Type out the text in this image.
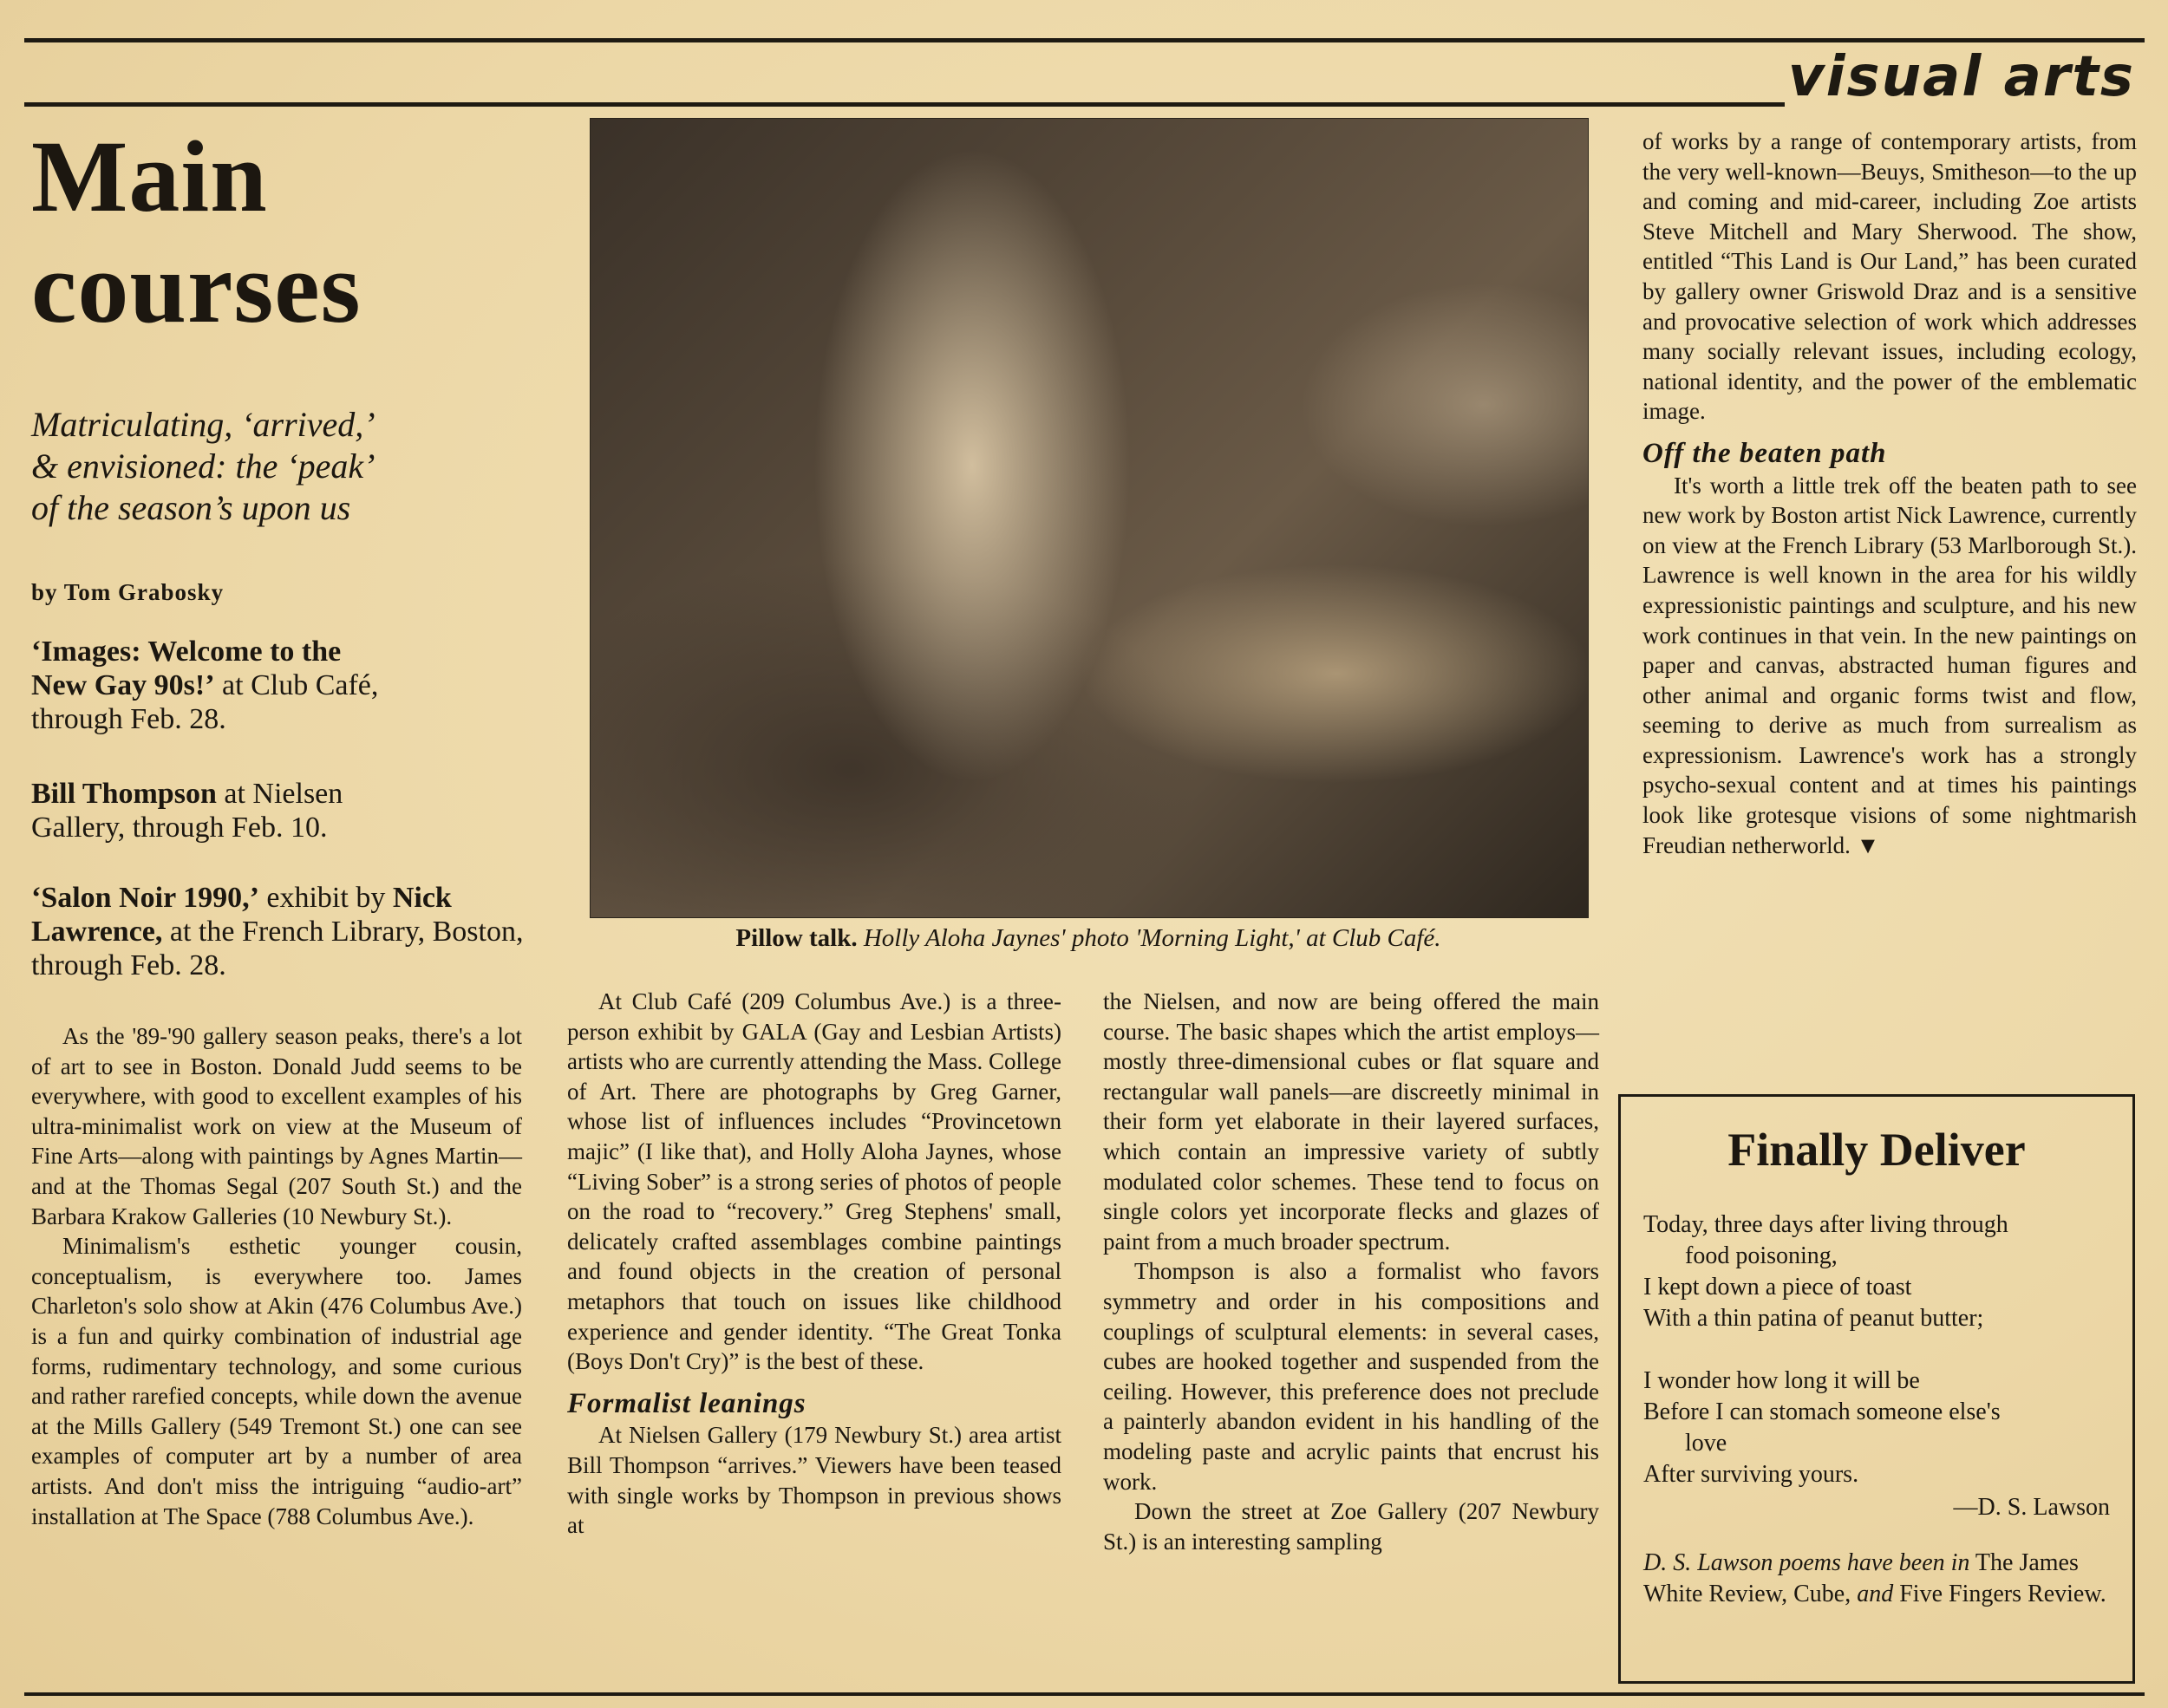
visual arts
Main
courses
Matriculating, ‘arrived,’
& envisioned: the ‘peak’
of the season’s upon us
by Tom Grabosky
‘Images: Welcome to the New Gay 90s!’ at Club Café, through Feb. 28.
Bill Thompson at Nielsen Gallery, through Feb. 10.
‘Salon Noir 1990,’ exhibit by Nick Lawrence, at the French Library, Boston, through Feb. 28.
Pillow talk. Holly Aloha Jaynes' photo 'Morning Light,' at Club Café.

As the '89-'90 gallery season peaks, there's a lot of art to see in Boston. Donald Judd seems to be everywhere, with good to excellent examples of his ultra-minimalist work on view at the Museum of Fine Arts—along with paintings by Agnes Martin—and at the Thomas Segal (207 South St.) and the Barbara Krakow Galleries (10 Newbury St.).

Minimalism's esthetic younger cousin, conceptualism, is everywhere too. James Charleton's solo show at Akin (476 Columbus Ave.) is a fun and quirky combination of industrial age forms, rudimentary technology, and some curious and rather rarefied concepts, while down the avenue at the Mills Gallery (549 Tremont St.) one can see examples of computer art by a number of area artists. And don't miss the intriguing “audio-art” installation at The Space (788 Columbus Ave.).

At Club Café (209 Columbus Ave.) is a three-person exhibit by GALA (Gay and Lesbian Artists) artists who are currently attending the Mass. College of Art. There are photographs by Greg Garner, whose list of influences includes “Provincetown majic” (I like that), and Holly Aloha Jaynes, whose “Living Sober” is a strong series of photos of people on the road to “recovery.” Greg Stephens' small, delicately crafted assemblages combine paintings and found objects in the creation of personal metaphors that touch on issues like childhood experience and gender identity. “The Great Tonka (Boys Don't Cry)” is the best of these.

Formalist leanings

At Nielsen Gallery (179 Newbury St.) area artist Bill Thompson “arrives.” Viewers have been teased with single works by Thompson in previous shows at

the Nielsen, and now are being offered the main course. The basic shapes which the artist employs—mostly three-dimensional cubes or flat square and rectangular wall panels—are discreetly minimal in their form yet elaborate in their layered surfaces, which contain an impressive variety of subtly modulated color schemes. These tend to focus on single colors yet incorporate flecks and glazes of paint from a much broader spectrum.

Thompson is also a formalist who favors symmetry and order in his compositions and couplings of sculptural elements: in several cases, cubes are hooked together and suspended from the ceiling. However, this preference does not preclude a painterly abandon evident in his handling of the modeling paste and acrylic paints that encrust his work.

Down the street at Zoe Gallery (207 Newbury St.) is an interesting sampling

of works by a range of contemporary artists, from the very well-known—Beuys, Smitheson—to the up and coming and mid-career, including Zoe artists Steve Mitchell and Mary Sherwood. The show, entitled “This Land is Our Land,” has been curated by gallery owner Griswold Draz and is a sensitive and provocative selection of work which addresses many socially relevant issues, including ecology, national identity, and the power of the emblematic image.

Off the beaten path

It's worth a little trek off the beaten path to see new work by Boston artist Nick Lawrence, currently on view at the French Library (53 Marlborough St.). Lawrence is well known in the area for his wildly expressionistic paintings and sculpture, and his new work continues in that vein. In the new paintings on paper and canvas, abstracted human figures and other animal and organic forms twist and flow, seeming to derive as much from surrealism as expressionism. Lawrence's work has a strongly psycho-sexual content and at times his paintings look like grotesque visions of some nightmarish Freudian netherworld. ▼

Finally Deliver
Today, three days after living through
food poisoning,
I kept down a piece of toast
With a thin patina of peanut butter;
I wonder how long it will be
Before I can stomach someone else's
love
After surviving yours.
—D. S. Lawson
D. S. Lawson poems have been in The James White Review, Cube, and Five Fingers Review.
